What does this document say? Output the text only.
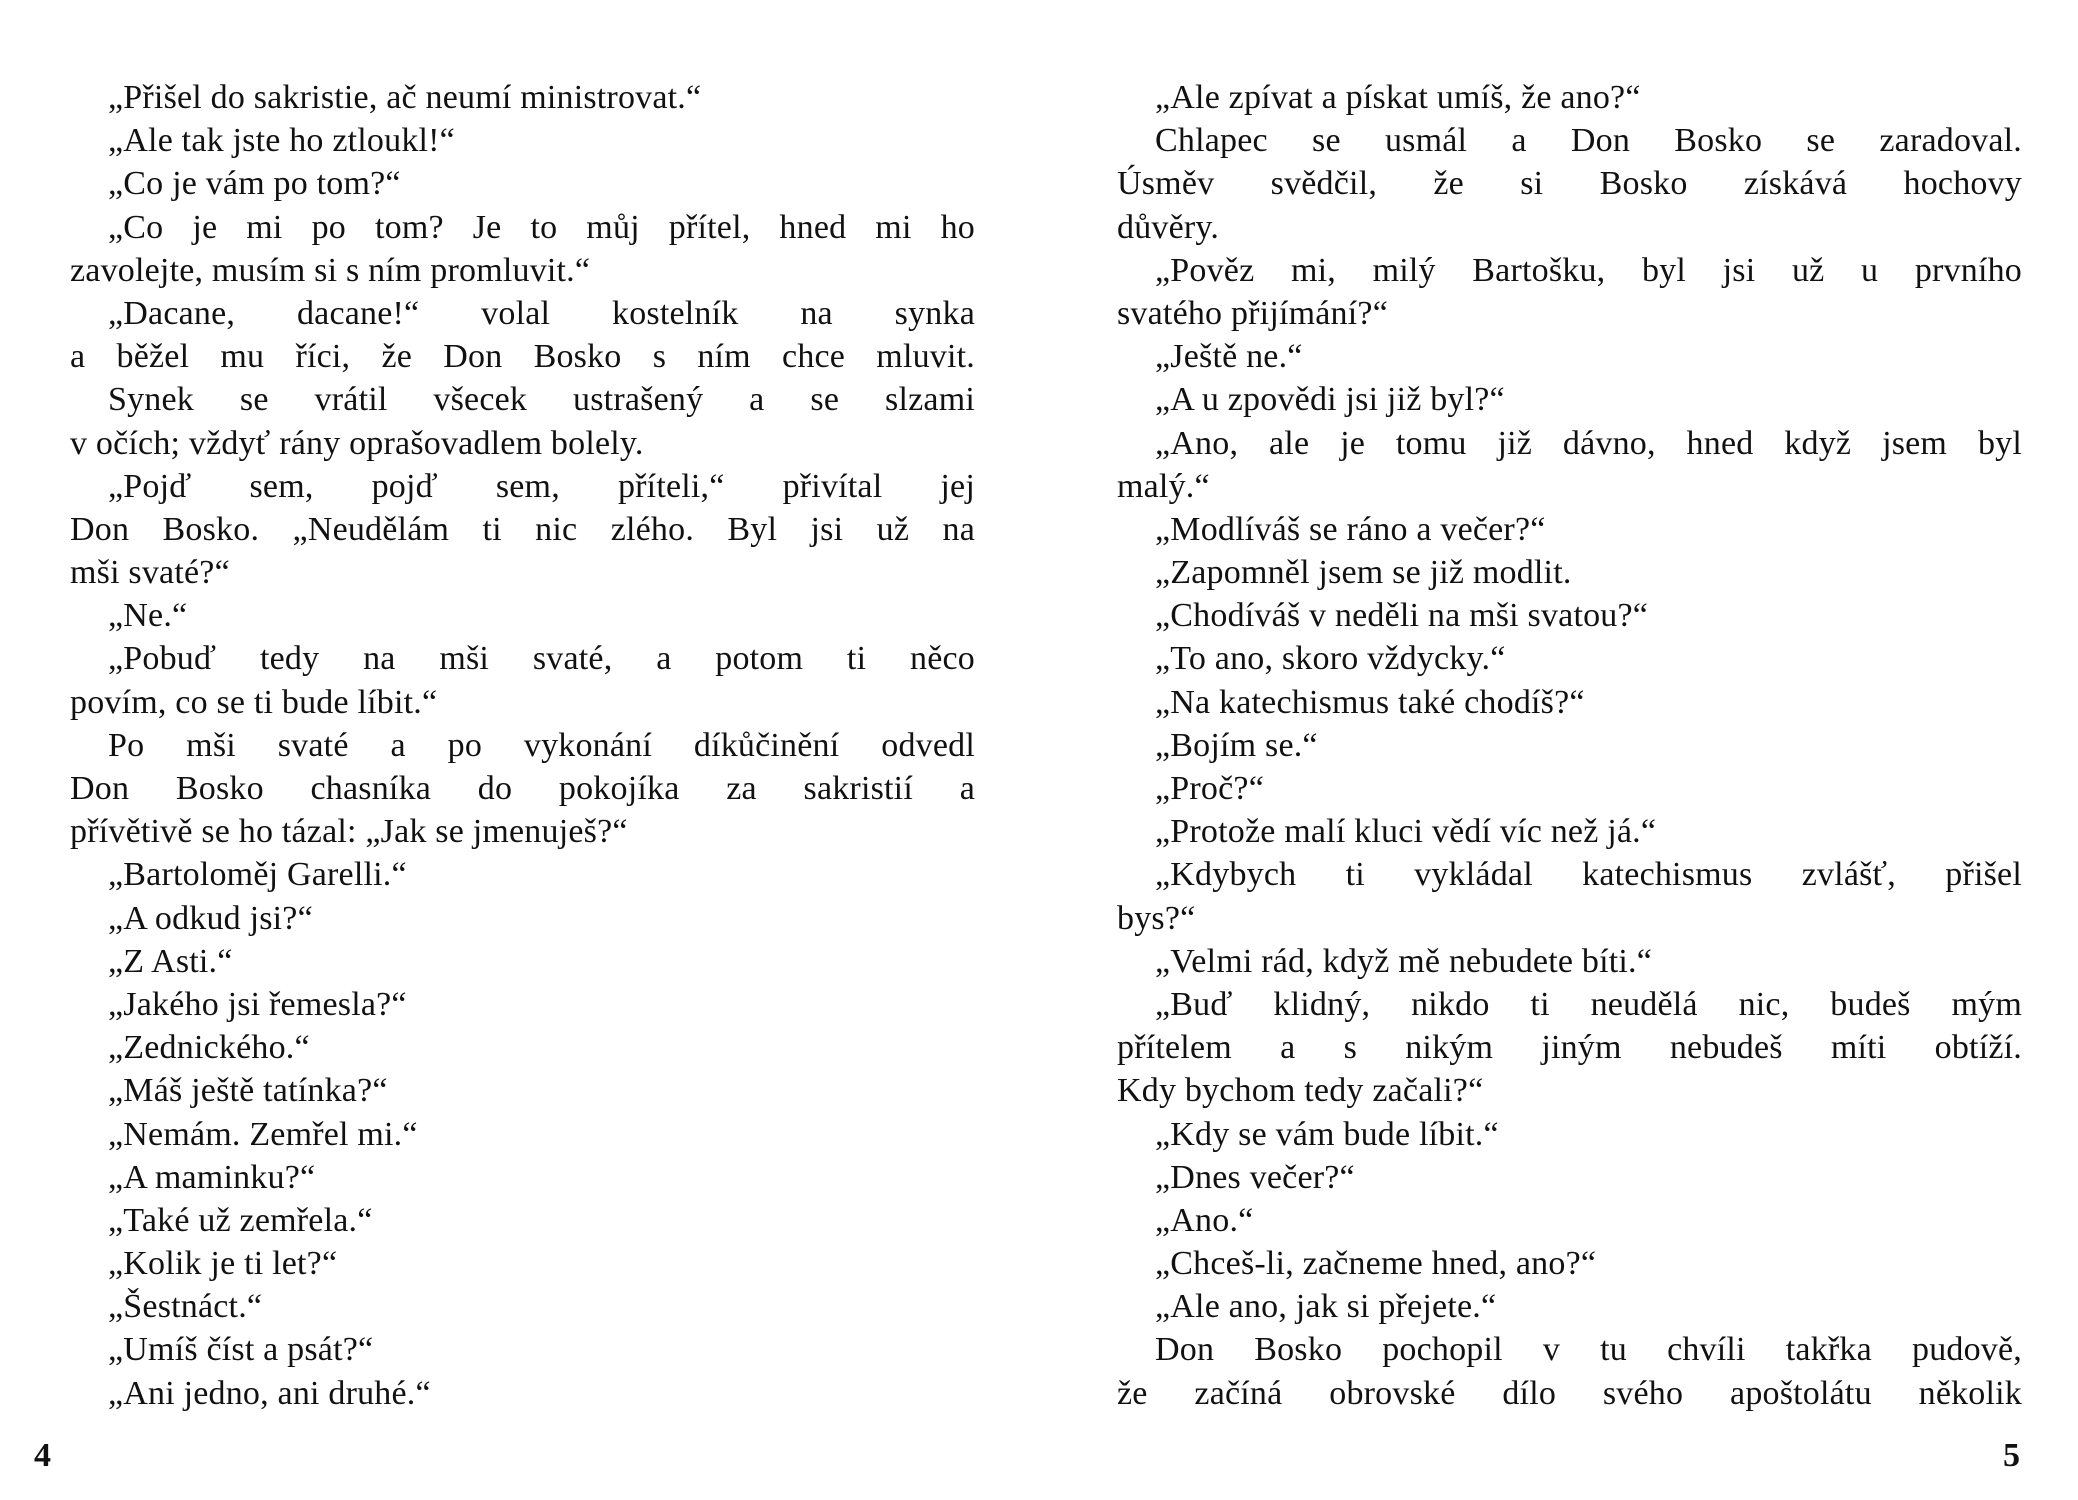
„Přišel do sakristie, ač neumí ministrovat.“
„Ale tak jste ho ztloukl!“
„Co je vám po tom?“
„Co je mi po tom? Je to můj přítel, hned mi ho
zavolejte, musím si s ním promluvit.“
„Dacane, dacane!“ volal kostelník na synka
a běžel mu říci, že Don Bosko s ním chce mluvit.
Synek se vrátil všecek ustrašený a se slzami
v očích; vždyť rány oprašovadlem bolely.
„Pojď sem, pojď sem, příteli,“ přivítal jej
Don Bosko. „Neudělám ti nic zlého. Byl jsi už na
mši svaté?“
„Ne.“
„Pobuď tedy na mši svaté, a potom ti něco
povím, co se ti bude líbit.“
Po mši svaté a po vykonání díkůčinění odvedl
Don Bosko chasníka do pokojíka za sakristií a
přívětivě se ho tázal: „Jak se jmenuješ?“
„Bartoloměj Garelli.“
„A odkud jsi?“
„Z Asti.“
„Jakého jsi řemesla?“
„Zednického.“
„Máš ještě tatínka?“
„Nemám. Zemřel mi.“
„A maminku?“
„Také už zemřela.“
„Kolik je ti let?“
„Šestnáct.“
„Umíš číst a psát?“
„Ani jedno, ani druhé.“
„Ale zpívat a pískat umíš, že ano?“
Chlapec se usmál a Don Bosko se zaradoval.
Úsměv svědčil, že si Bosko získává hochovy
důvěry.
„Pověz mi, milý Bartošku, byl jsi už u prvního
svatého přijímání?“
„Ještě ne.“
„A u zpovědi jsi již byl?“
„Ano, ale je tomu již dávno, hned když jsem byl
malý.“
„Modlíváš se ráno a večer?“
„Zapomněl jsem se již modlit.
„Chodíváš v neděli na mši svatou?“
„To ano, skoro vždycky.“
„Na katechismus také chodíš?“
„Bojím se.“
„Proč?“
„Protože malí kluci vědí víc než já.“
„Kdybych ti vykládal katechismus zvlášť, přišel
bys?“
„Velmi rád, když mě nebudete bíti.“
„Buď klidný, nikdo ti neudělá nic, budeš mým
přítelem a s nikým jiným nebudeš míti obtíží.
Kdy bychom tedy začali?“
„Kdy se vám bude líbit.“
„Dnes večer?“
„Ano.“
„Chceš-li, začneme hned, ano?“
„Ale ano, jak si přejete.“
Don Bosko pochopil v tu chvíli takřka pudově,
že začíná obrovské dílo svého apoštolátu několik
4	5
